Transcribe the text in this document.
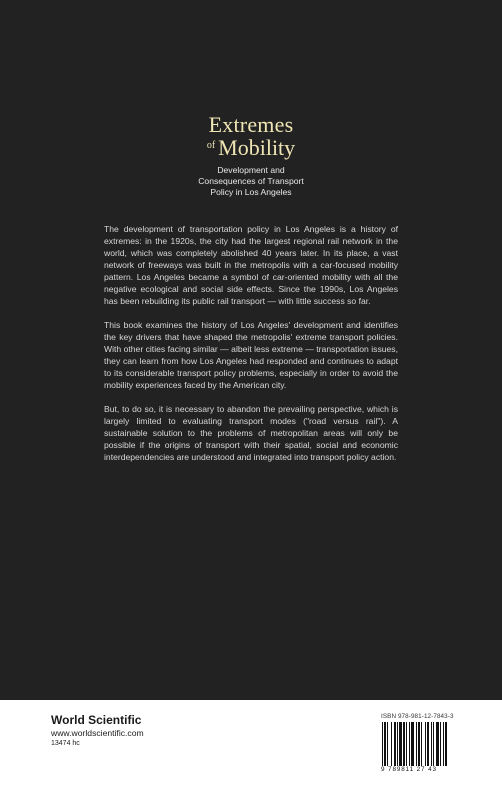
Extremes
$^{of}$ Mobility
Development and
Consequences of Transport
Policy in Los Angeles

The development of transportation policy in Los Angeles is a history of extremes: in the 1920s, the city had the largest regional rail network in the world, which was completely abolished 40 years later. In its place, a vast network of freeways was built in the metropolis with a car-focused mobility pattern. Los Angeles became a symbol of car-oriented mobility with all the negative ecological and social side effects. Since the 1990s, Los Angeles has been rebuilding its public rail transport — with little success so far.

This book examines the history of Los Angeles' development and identifies the key drivers that have shaped the metropolis' extreme transport policies. With other cities facing similar — albeit less extreme — transportation issues, they can learn from how Los Angeles had responded and continues to adapt to its considerable transport policy problems, especially in order to avoid the mobility experiences faced by the American city.

But, to do so, it is necessary to abandon the prevailing perspective, which is largely limited to evaluating transport modes ("road versus rail"). A sustainable solution to the problems of metropolitan areas will only be possible if the origins of transport with their spatial, social and economic interdependencies are understood and integrated into transport policy action.

World Scientific
www.worldscientific.com
13474 hc
ISBN 978-981-12-7843-3
9 789811 27 43
